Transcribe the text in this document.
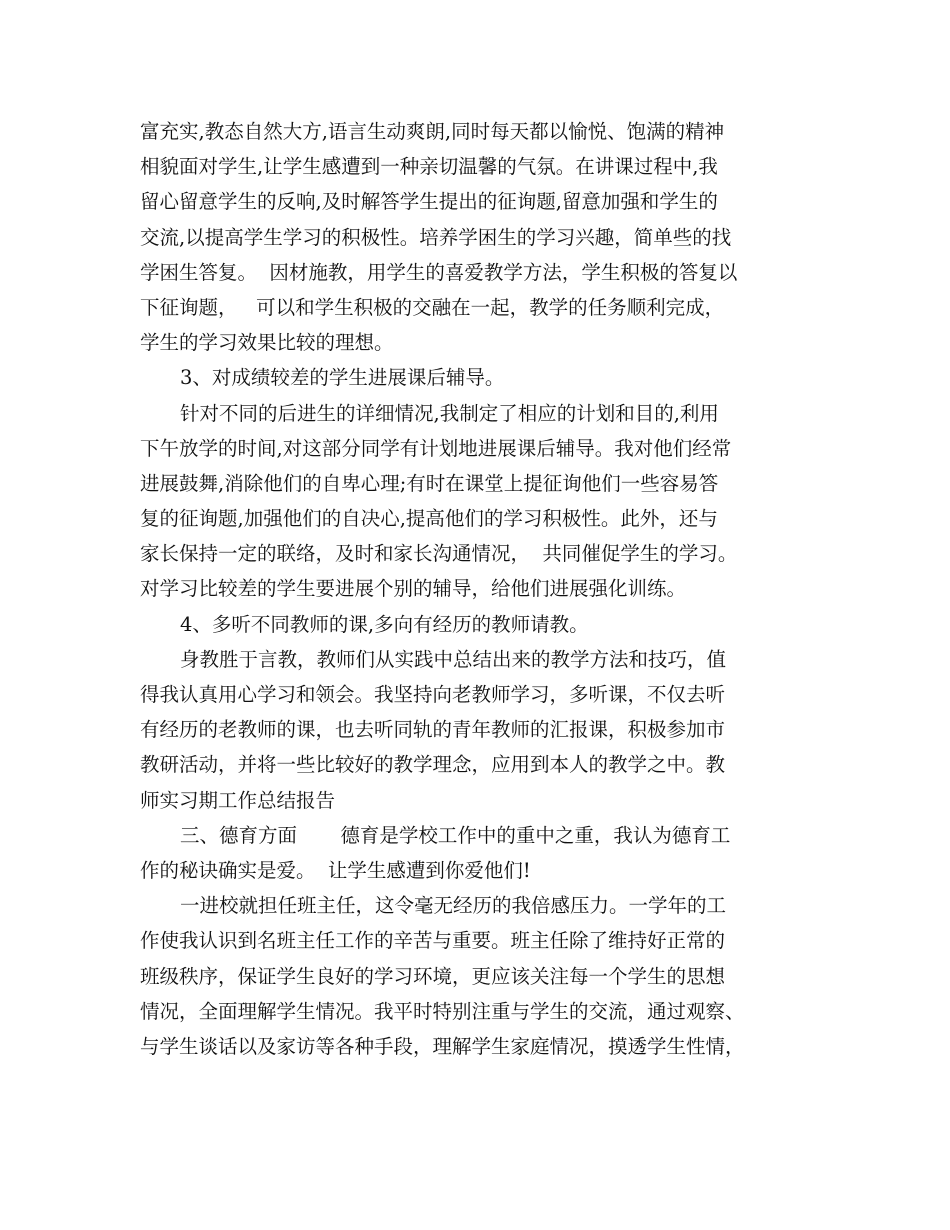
富充实,教态自然大方,语言生动爽朗,同时每天都以愉悦、饱满的精神
相貌面对学生,让学生感遭到一种亲切温馨的气氛。在讲课过程中,我
留心留意学生的反响,及时解答学生提出的征询题,留意加强和学生的
交流,以提高学生学习的积极性。培养学困生的学习兴趣，简单些的找
学困生答复。  因材施教，用学生的喜爱教学方法，学生积极的答复以
下征询题，   可以和学生积极的交融在一起，教学的任务顺利完成，
学生的学习效果比较的理想。
3、对成绩较差的学生进展课后辅导。
针对不同的后进生的详细情况,我制定了相应的计划和目的,利用
下午放学的时间,对这部分同学有计划地进展课后辅导。我对他们经常
进展鼓舞,消除他们的自卑心理;有时在课堂上提征询他们一些容易答
复的征询题,加强他们的自决心,提高他们的学习积极性。此外，还与
家长保持一定的联络，及时和家长沟通情况，  共同催促学生的学习。
对学习比较差的学生要进展个别的辅导，给他们进展强化训练。
4、多听不同教师的课,多向有经历的教师请教。
身教胜于言教，教师们从实践中总结出来的教学方法和技巧，值
得我认真用心学习和领会。我坚持向老教师学习，多听课，不仅去听
有经历的老教师的课，也去听同轨的青年教师的汇报课，积极参加市
教研活动，并将一些比较好的教学理念，应用到本人的教学之中。教
师实习期工作总结报告
三、德育方面       德育是学校工作中的重中之重，我认为德育工
作的秘诀确实是爱。  让学生感遭到你爱他们!
一进校就担任班主任，这令毫无经历的我倍感压力。一学年的工
作使我认识到名班主任工作的辛苦与重要。班主任除了维持好正常的
班级秩序，保证学生良好的学习环境，更应该关注每一个学生的思想
情况，全面理解学生情况。我平时特别注重与学生的交流，通过观察、
与学生谈话以及家访等各种手段，理解学生家庭情况，摸透学生性情，
